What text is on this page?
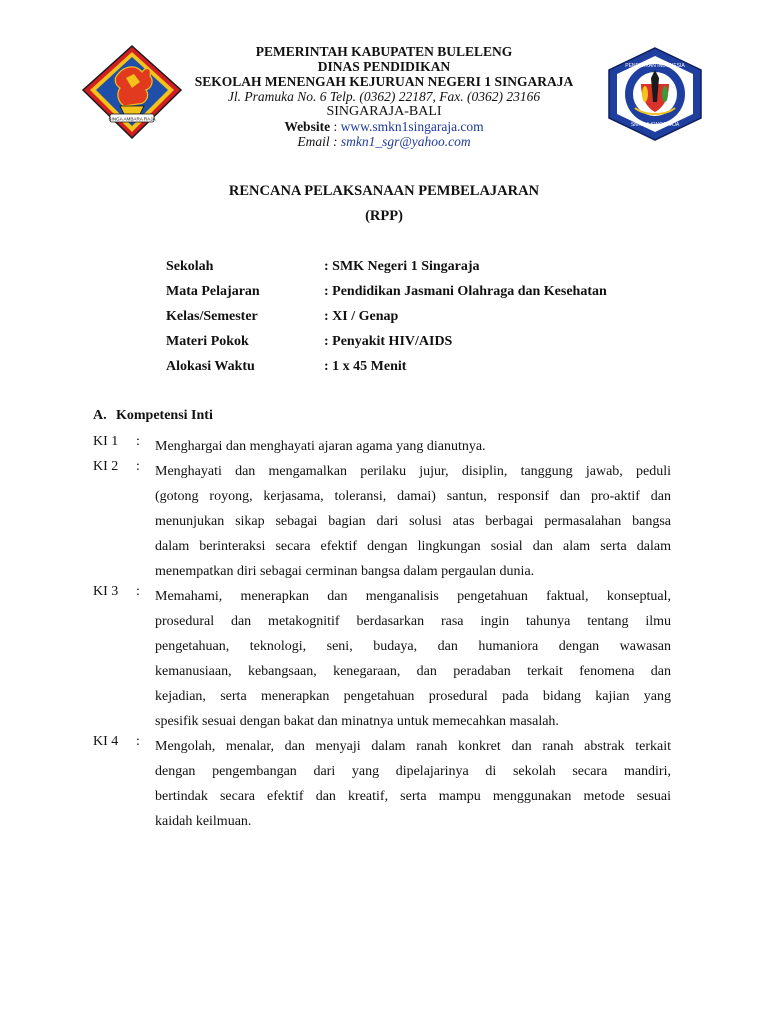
SINGA AMBARA RAJA

PEMERINTAH KABUPATEN BULELENG

DINAS PENDIDIKAN

SEKOLAH MENENGAH KEJURUAN NEGERI 1 SINGARAJA

Jl. Pramuka No. 6 Telp. (0362) 22187, Fax. (0362) 23166

SINGARAJA-BALI

Website : www.smkn1singaraja.com

Email : smkn1_sgr@yahoo.com

PENDIDIKAN INDONESIA
SMKN 1 SINGARAJA

RENCANA PELAKSANAAN PEMBELAJARAN

(RPP)

Sekolah	: SMK Negeri 1 Singaraja
Mata Pelajaran	: Pendidikan Jasmani Olahraga dan Kesehatan
Kelas/Semester	: XI / Genap
Materi Pokok	: Penyakit HIV/AIDS
Alokasi Waktu	: 1 x 45 Menit

A. Kompetensi Inti

KI 1 : Menghargai dan menghayati ajaran agama yang dianutnya.
KI 2 : Menghayati dan mengamalkan perilaku jujur, disiplin, tanggung jawab, peduli
(gotong royong, kerjasama, toleransi, damai) santun, responsif dan pro-aktif dan
menunjukan sikap sebagai bagian dari solusi atas berbagai permasalahan bangsa
dalam berinteraksi secara efektif dengan lingkungan sosial dan alam serta dalam
menempatkan diri sebagai cerminan bangsa dalam pergaulan dunia.
KI 3 : Memahami, menerapkan dan menganalisis pengetahuan faktual, konseptual,
prosedural dan metakognitif berdasarkan rasa ingin tahunya tentang ilmu
pengetahuan, teknologi, seni, budaya, dan humaniora dengan wawasan
kemanusiaan, kebangsaan, kenegaraan, dan peradaban terkait fenomena dan
kejadian, serta menerapkan pengetahuan prosedural pada bidang kajian yang
spesifik sesuai dengan bakat dan minatnya untuk memecahkan masalah.
KI 4 : Mengolah, menalar, dan menyaji dalam ranah konkret dan ranah abstrak terkait
dengan pengembangan dari yang dipelajarinya di sekolah secara mandiri,
bertindak secara efektif dan kreatif, serta mampu menggunakan metode sesuai
kaidah keilmuan.
